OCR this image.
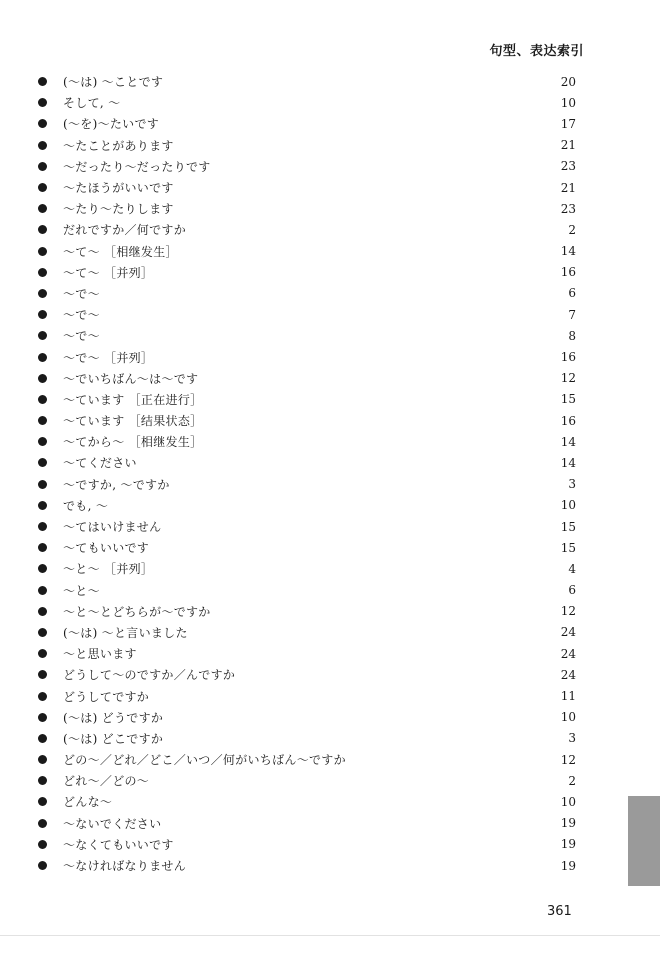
句型、表达索引
(～は) ～ことです	20
そして, ～	10
(～を)～たいです	17
～たことがあります	21
～だったり～だったりです	23
～たほうがいいです	21
～たり～たりします	23
だれですか／何ですか	2
～て～ ［相继发生］	14
～て～ ［并列］	16
～で～	6
～で～	7
～で～	8
～で～ ［并列］	16
～でいちばん～は～です	12
～ています ［正在进行］	15
～ています ［结果状态］	16
～てから～ ［相继发生］	14
～てください	14
～ですか, ～ですか	3
でも, ～	10
～てはいけません	15
～てもいいです	15
～と～ ［并列］	4
～と～	6
～と～とどちらが～ですか	12
(～は) ～と言いました	24
～と思います	24
どうして～のですか／んですか	24
どうしてですか	11
(～は) どうですか	10
(～は) どこですか	3
どの～／どれ／どこ／いつ／何がいちばん～ですか	12
どれ～／どの～	2
どんな～	10
～ないでください	19
～なくてもいいです	19
～なければなりません	19
361
